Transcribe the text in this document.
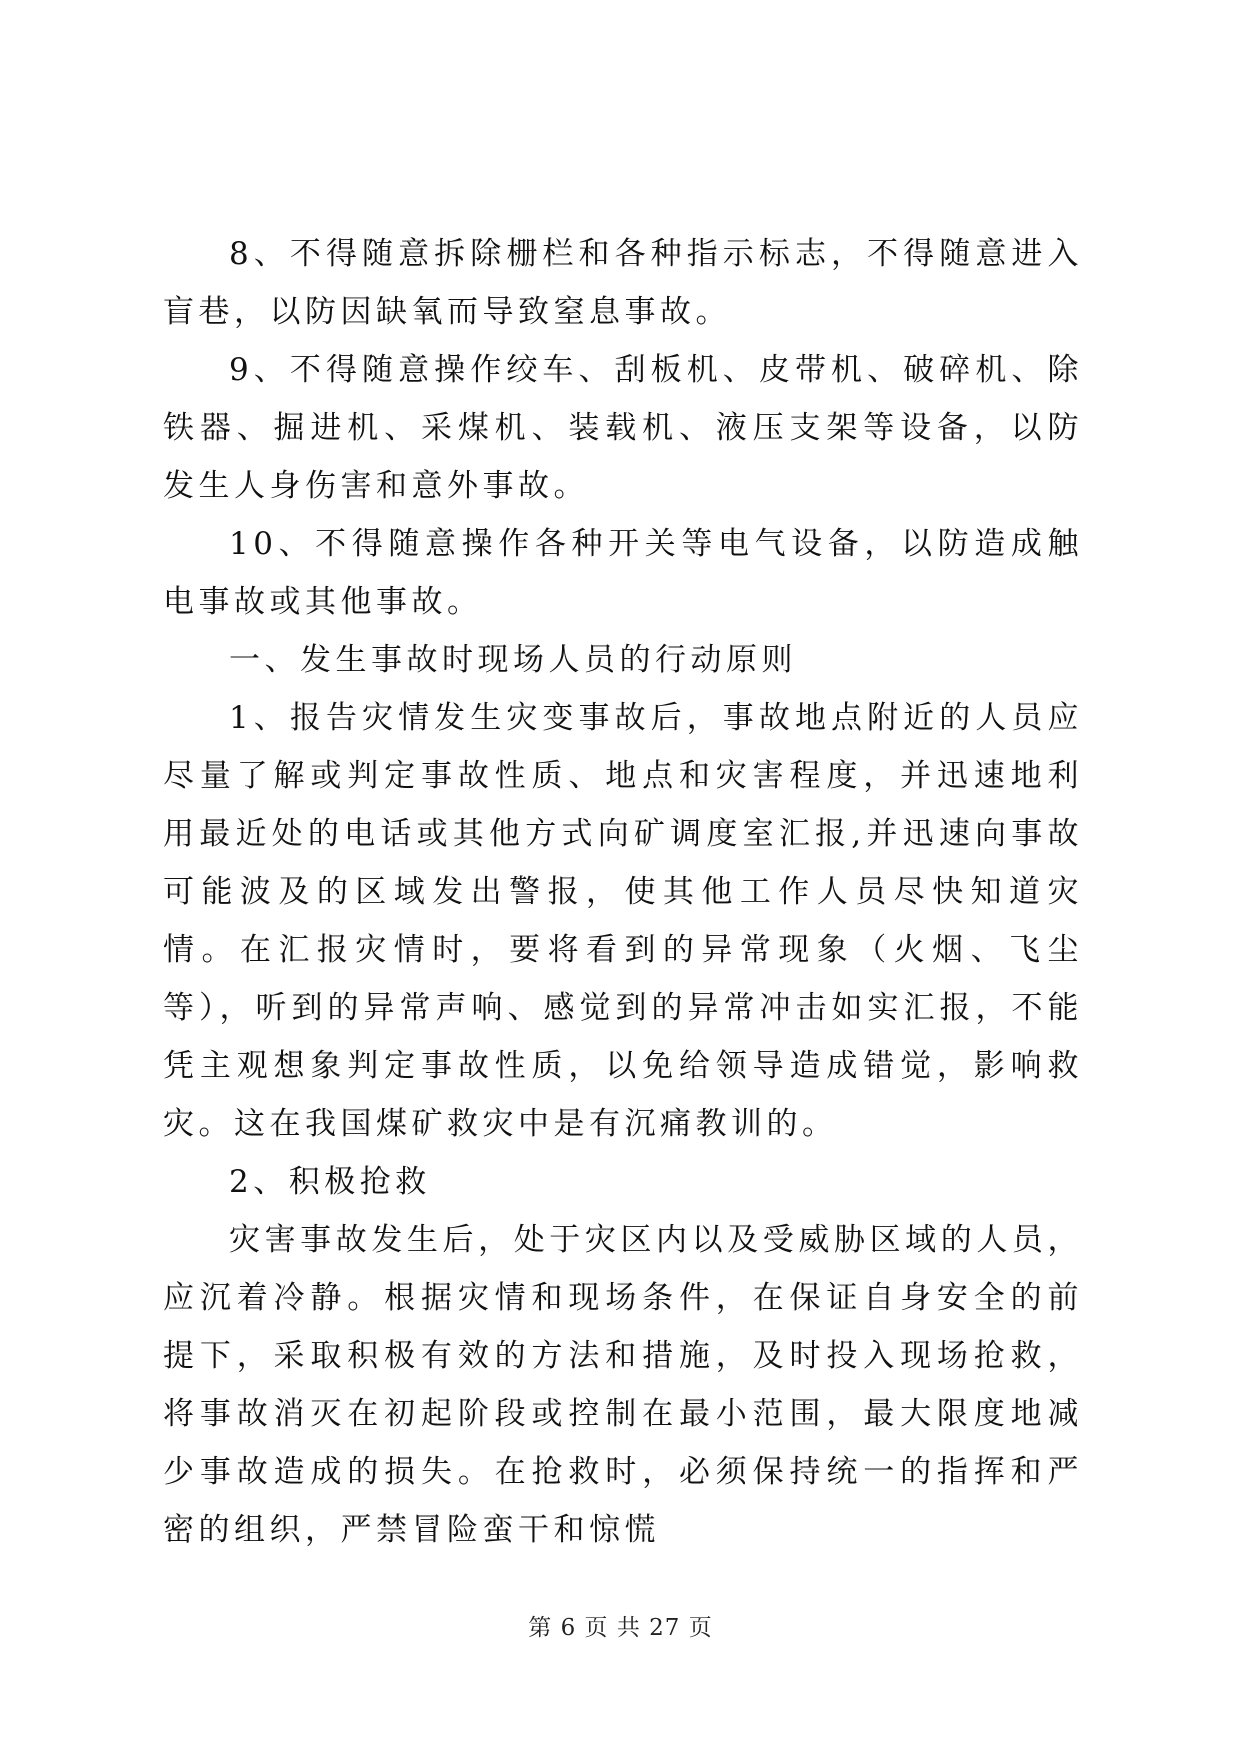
8、不得随意拆除栅栏和各种指示标志，不得随意进入盲巷，以防因缺氧而导致窒息事故。

9、不得随意操作绞车、刮板机、皮带机、破碎机、除铁器、掘进机、采煤机、装载机、液压支架等设备，以防发生人身伤害和意外事故。

10、不得随意操作各种开关等电气设备，以防造成触电事故或其他事故。

一、发生事故时现场人员的行动原则

1、报告灾情发生灾变事故后，事故地点附近的人员应尽量了解或判定事故性质、地点和灾害程度，并迅速地利用最近处的电话或其他方式向矿调度室汇报,并迅速向事故可能波及的区域发出警报，使其他工作人员尽快知道灾情。在汇报灾情时，要将看到的异常现象（火烟、飞尘等），听到的异常声响、感觉到的异常冲击如实汇报，不能凭主观想象判定事故性质，以免给领导造成错觉，影响救灾。这在我国煤矿救灾中是有沉痛教训的。

2、积极抢救

灾害事故发生后，处于灾区内以及受威胁区域的人员，应沉着冷静。根据灾情和现场条件，在保证自身安全的前提下，采取积极有效的方法和措施，及时投入现场抢救，将事故消灭在初起阶段或控制在最小范围，最大限度地减少事故造成的损失。在抢救时，必须保持统一的指挥和严密的组织，严禁冒险蛮干和惊慌

第 6 页 共 27 页
